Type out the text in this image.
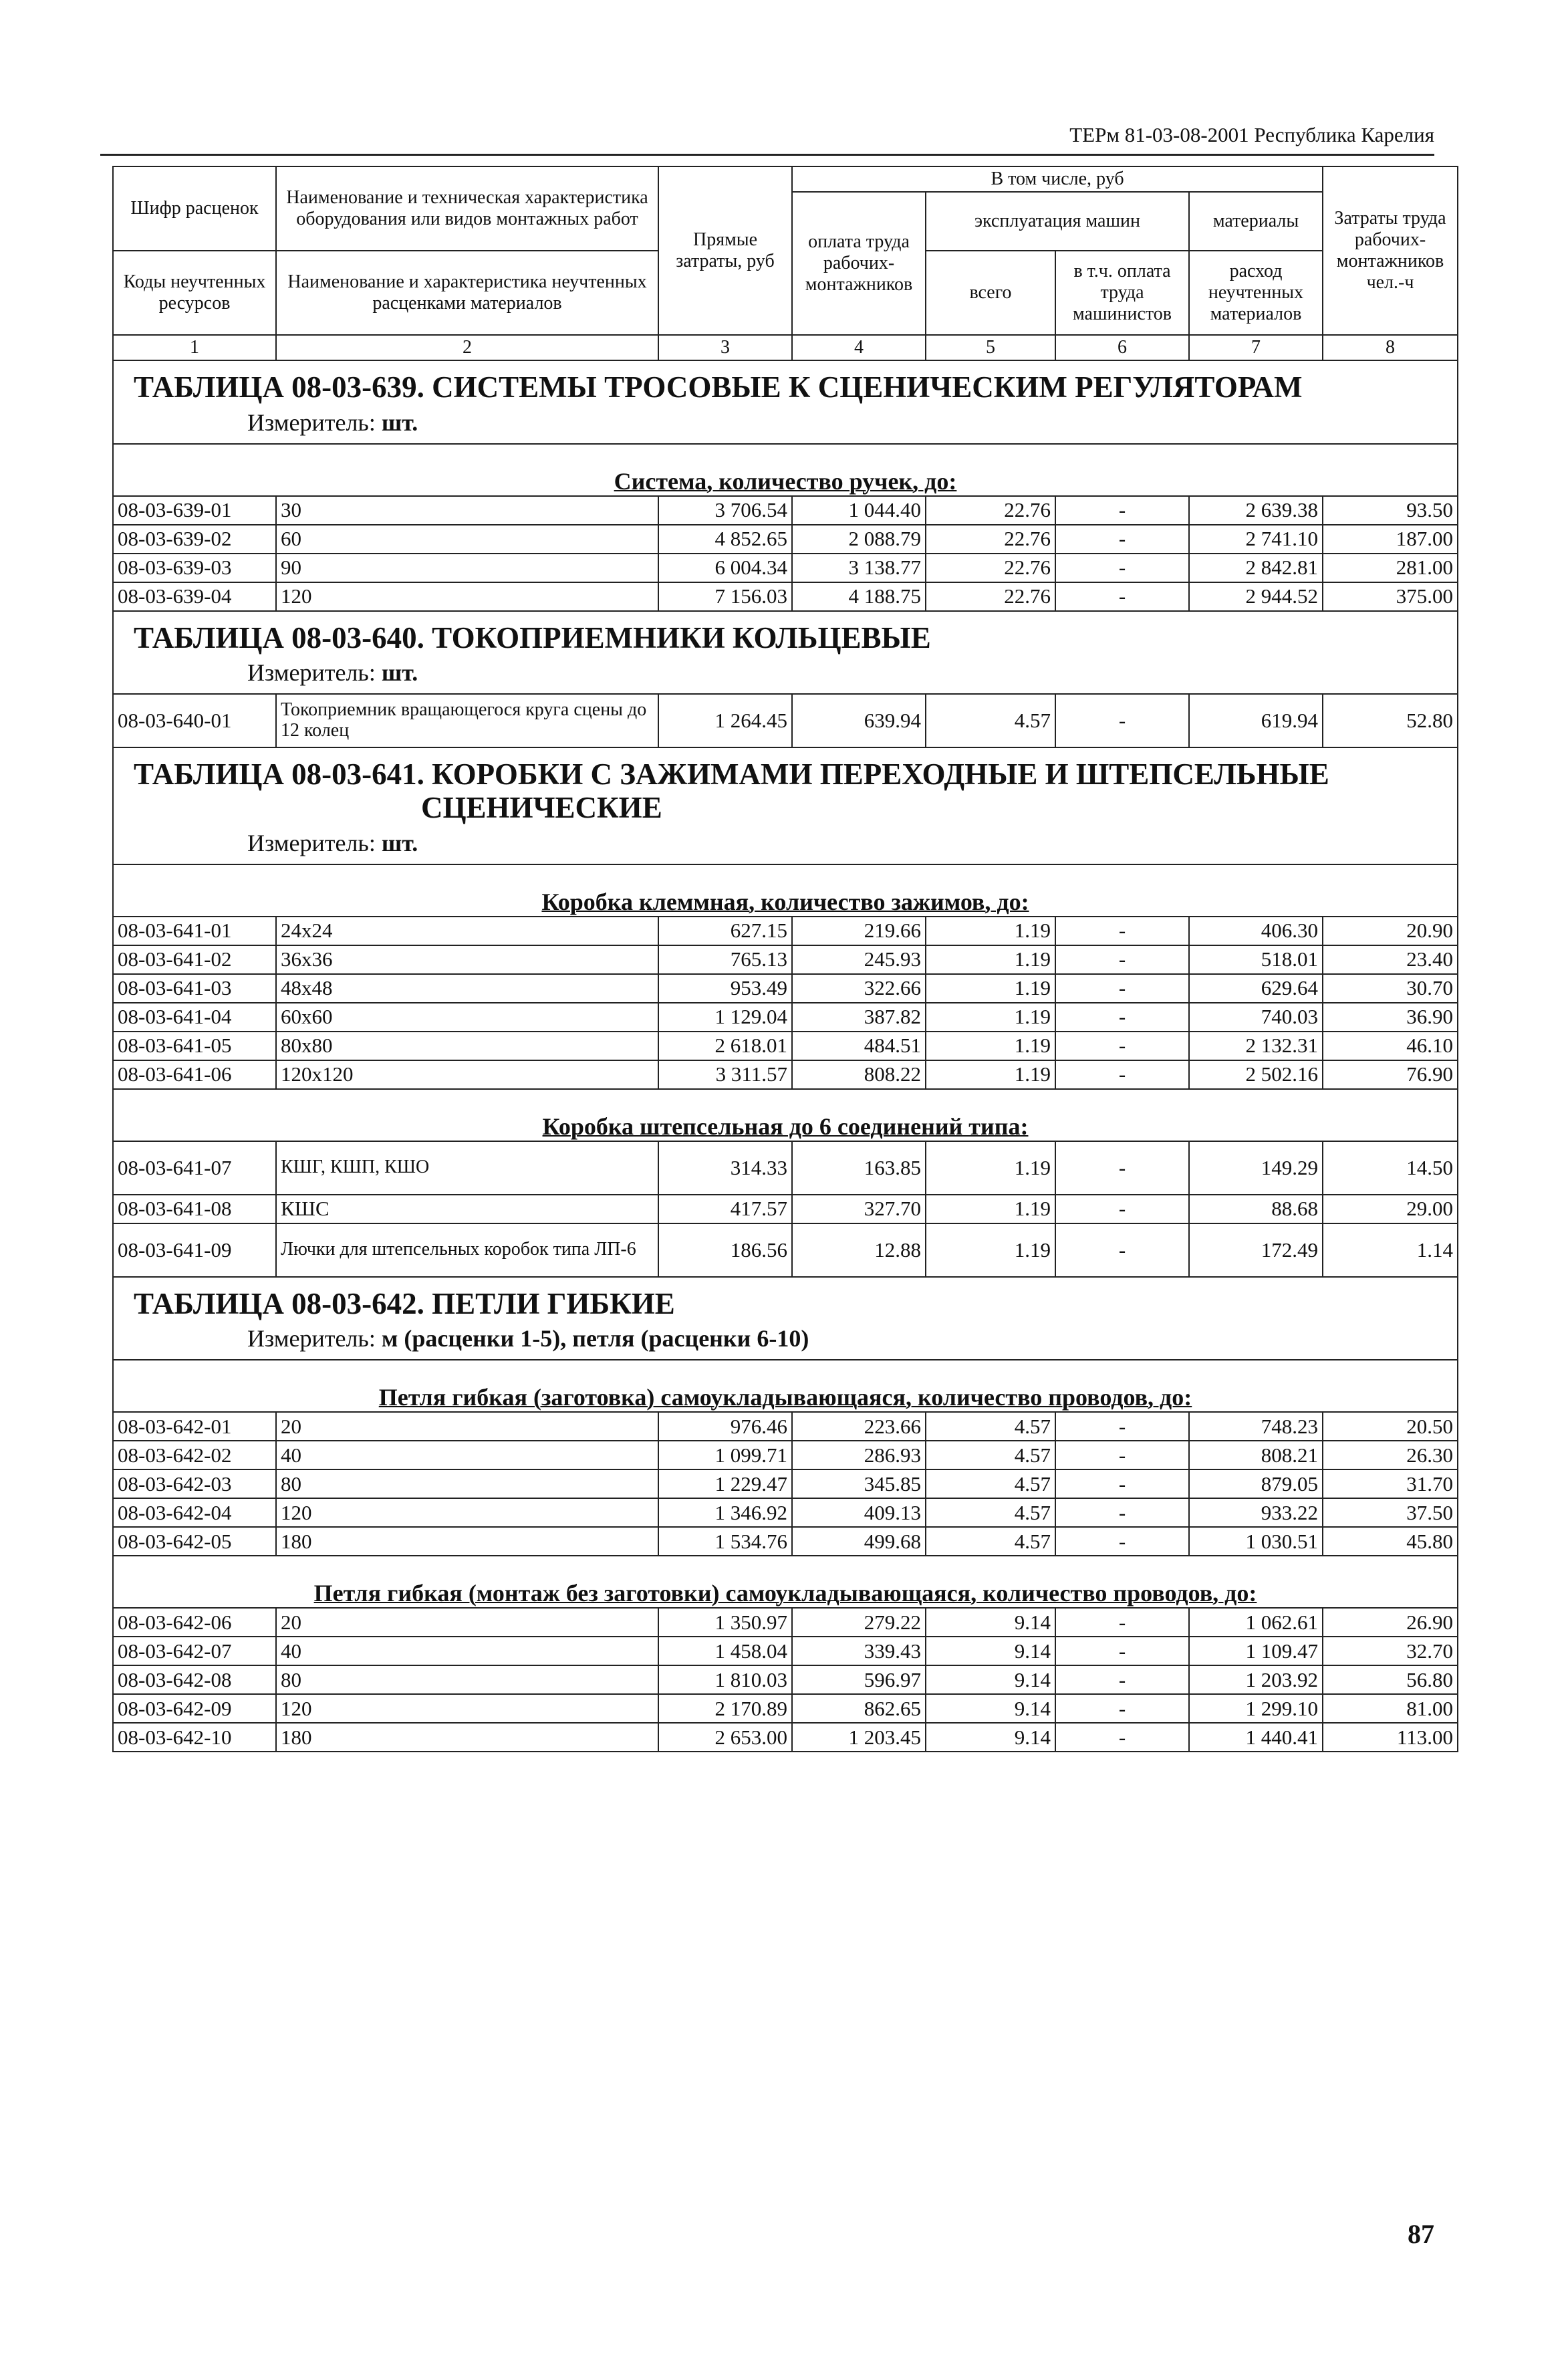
ТЕРм 81-03-08-2001 Республика Карелия
Шифр расценок	Наименование и техническая характеристика оборудования или видов монтажных работ	Прямые затраты, руб	В том числе, руб				Затраты труда рабочих-монтажников чел.-ч
			оплата труда рабочих-монтажников	эксплуатация машин		материалы	
Коды неучтенных ресурсов	Наименование и характеристика неучтенных расценками материалов			всего	в т.ч. оплата труда машинистов	расход неучтенных материалов	

1	2	3	4	5	6	7	8

ТАБЛИЦА 08-03-639. СИСТЕМЫ ТРОСОВЫЕ К СЦЕНИЧЕСКИМ РЕГУЛЯТОРАМ							

Измеритель: шт.							
Система, количество ручек, до:							
08-03-639-01	30	3 706.54	1 044.40	22.76	-	2 639.38	93.50
08-03-639-02	60	4 852.65	2 088.79	22.76	-	2 741.10	187.00
08-03-639-03	90	6 004.34	3 138.77	22.76	-	2 842.81	281.00
08-03-639-04	120	7 156.03	4 188.75	22.76	-	2 944.52	375.00

ТАБЛИЦА 08-03-640. ТОКОПРИЕМНИКИ КОЛЬЦЕВЫЕ							

Измеритель: шт.							
08-03-640-01	Токоприемник вращающегося круга сцены до 12 колец	1 264.45	639.94	4.57	-	619.94	52.80

ТАБЛИЦА 08-03-641. КОРОБКИ С ЗАЖИМАМИ ПЕРЕХОДНЫЕ И ШТЕПСЕЛЬНЫЕ
СЦЕНИЧЕСКИЕ							

Измеритель: шт.							
Коробка клеммная, количество зажимов, до:							
08-03-641-01	24x24	627.15	219.66	1.19	-	406.30	20.90
08-03-641-02	36x36	765.13	245.93	1.19	-	518.01	23.40
08-03-641-03	48x48	953.49	322.66	1.19	-	629.64	30.70
08-03-641-04	60x60	1 129.04	387.82	1.19	-	740.03	36.90
08-03-641-05	80x80	2 618.01	484.51	1.19	-	2 132.31	46.10
08-03-641-06	120x120	3 311.57	808.22	1.19	-	2 502.16	76.90
Коробка штепсельная до 6 соединений типа:							
08-03-641-07	КШГ, КШП, КШО	314.33	163.85	1.19	-	149.29	14.50
08-03-641-08	КШС	417.57	327.70	1.19	-	88.68	29.00
08-03-641-09	Лючки для штепсельных коробок типа ЛП-6	186.56	12.88	1.19	-	172.49	1.14

ТАБЛИЦА 08-03-642. ПЕТЛИ ГИБКИЕ							

Измеритель: м (расценки 1-5), петля (расценки 6-10)							
Петля гибкая (заготовка) самоукладывающаяся, количество проводов, до:							
08-03-642-01	20	976.46	223.66	4.57	-	748.23	20.50
08-03-642-02	40	1 099.71	286.93	4.57	-	808.21	26.30
08-03-642-03	80	1 229.47	345.85	4.57	-	879.05	31.70
08-03-642-04	120	1 346.92	409.13	4.57	-	933.22	37.50
08-03-642-05	180	1 534.76	499.68	4.57	-	1 030.51	45.80
Петля гибкая (монтаж без заготовки) самоукладывающаяся, количество проводов, до:							
08-03-642-06	20	1 350.97	279.22	9.14	-	1 062.61	26.90
08-03-642-07	40	1 458.04	339.43	9.14	-	1 109.47	32.70
08-03-642-08	80	1 810.03	596.97	9.14	-	1 203.92	56.80
08-03-642-09	120	2 170.89	862.65	9.14	-	1 299.10	81.00
08-03-642-10	180	2 653.00	1 203.45	9.14	-	1 440.41	113.00
87
